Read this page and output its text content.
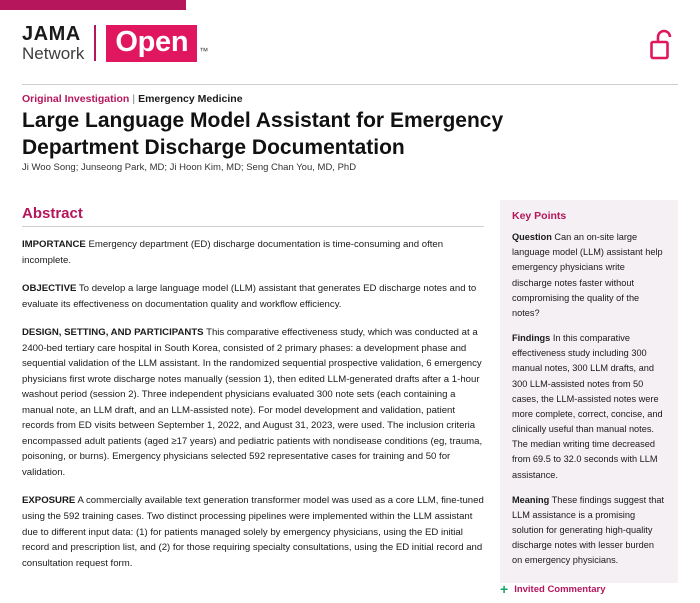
JAMA
Network	Open	™
Original Investigation | Emergency Medicine
Large Language Model Assistant for Emergency Department Discharge Documentation
Ji Woo Song; Junseong Park, MD; Ji Hoon Kim, MD; Seng Chan You, MD, PhD
Abstract

IMPORTANCE Emergency department (ED) discharge documentation is time-consuming and often incomplete.

OBJECTIVE To develop a large language model (LLM) assistant that generates ED discharge notes and to evaluate its effectiveness on documentation quality and workflow efficiency.

DESIGN, SETTING, AND PARTICIPANTS This comparative effectiveness study, which was conducted at a 2400-bed tertiary care hospital in South Korea, consisted of 2 primary phases: a development phase and sequential validation of the LLM assistant. In the randomized sequential prospective validation, 6 emergency physicians first wrote discharge notes manually (session 1), then edited LLM-generated drafts after a 1-hour washout period (session 2). Three independent physicians evaluated 300 note sets (each containing a manual note, an LLM draft, and an LLM-assisted note). For model development and validation, patient records from ED visits between September 1, 2022, and August 31, 2023, were used. The inclusion criteria encompassed adult patients (aged ≥17 years) and pediatric patients with nondisease conditions (eg, trauma, poisoning, or burns). Emergency physicians selected 592 representative cases for training and 50 for validation.

EXPOSURE A commercially available text generation transformer model was used as a core LLM, fine-tuned using the 592 training cases. Two distinct processing pipelines were implemented within the LLM assistant due to different input data: (1) for patients managed solely by emergency physicians, using the ED initial record and prescription list, and (2) for those requiring specialty consultations, using the ED initial record and consultation request form.

Key Points

Question Can an on-site large language model (LLM) assistant help emergency physicians write discharge notes faster without compromising the quality of the notes?

Findings In this comparative effectiveness study including 300 manual notes, 300 LLM drafts, and 300 LLM-assisted notes from 50 cases, the LLM-assisted notes were more complete, correct, concise, and clinically useful than manual notes. The median writing time decreased from 69.5 to 32.0 seconds with LLM assistance.

Meaning These findings suggest that LLM assistance is a promising solution for generating high-quality discharge notes with lesser burden on emergency physicians.

+ Invited Commentary
